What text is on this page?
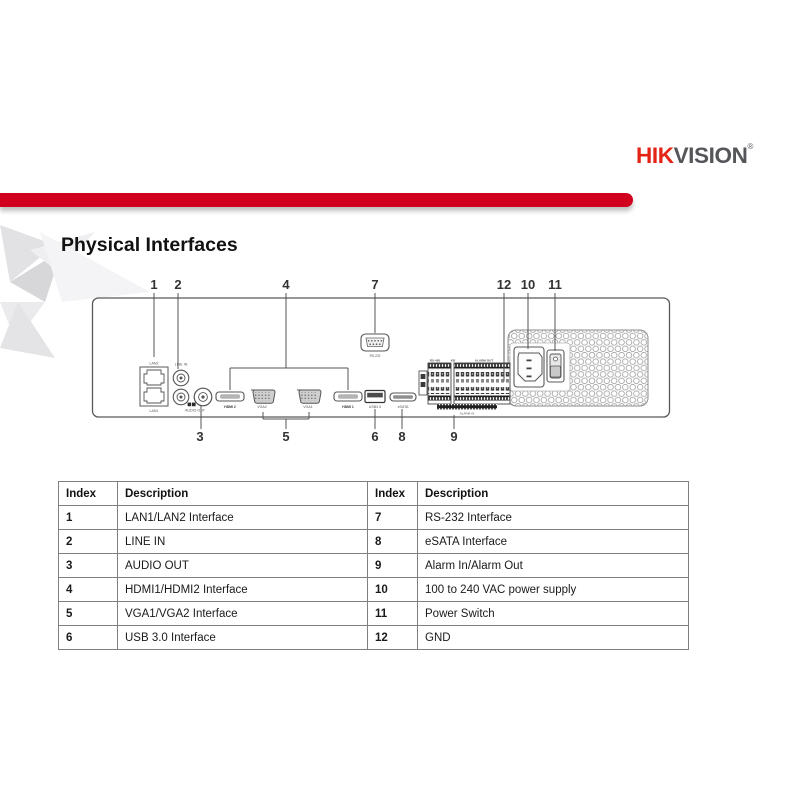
HIKVISION®
Physical Interfaces
LAN2
LAN1
LINE IN
AUDIO OUT
HDMI 2	VGA2	VGA1	HDMI 1	USB3.0	eSATA
RS-232
RS-485	KB	ALARM OUT
ALARM IN
1 2	4	7	12 10 11
3	5	6 8	9
Index	Description	Index	Description
1	LAN1/LAN2 Interface	7	RS-232 Interface
2	LINE IN	8	eSATA Interface
3	AUDIO OUT	9	Alarm In/Alarm Out
4	HDMI1/HDMI2 Interface	10	100 to 240 VAC power supply
5	VGA1/VGA2 Interface	11	Power Switch
6	USB 3.0 Interface	12	GND
